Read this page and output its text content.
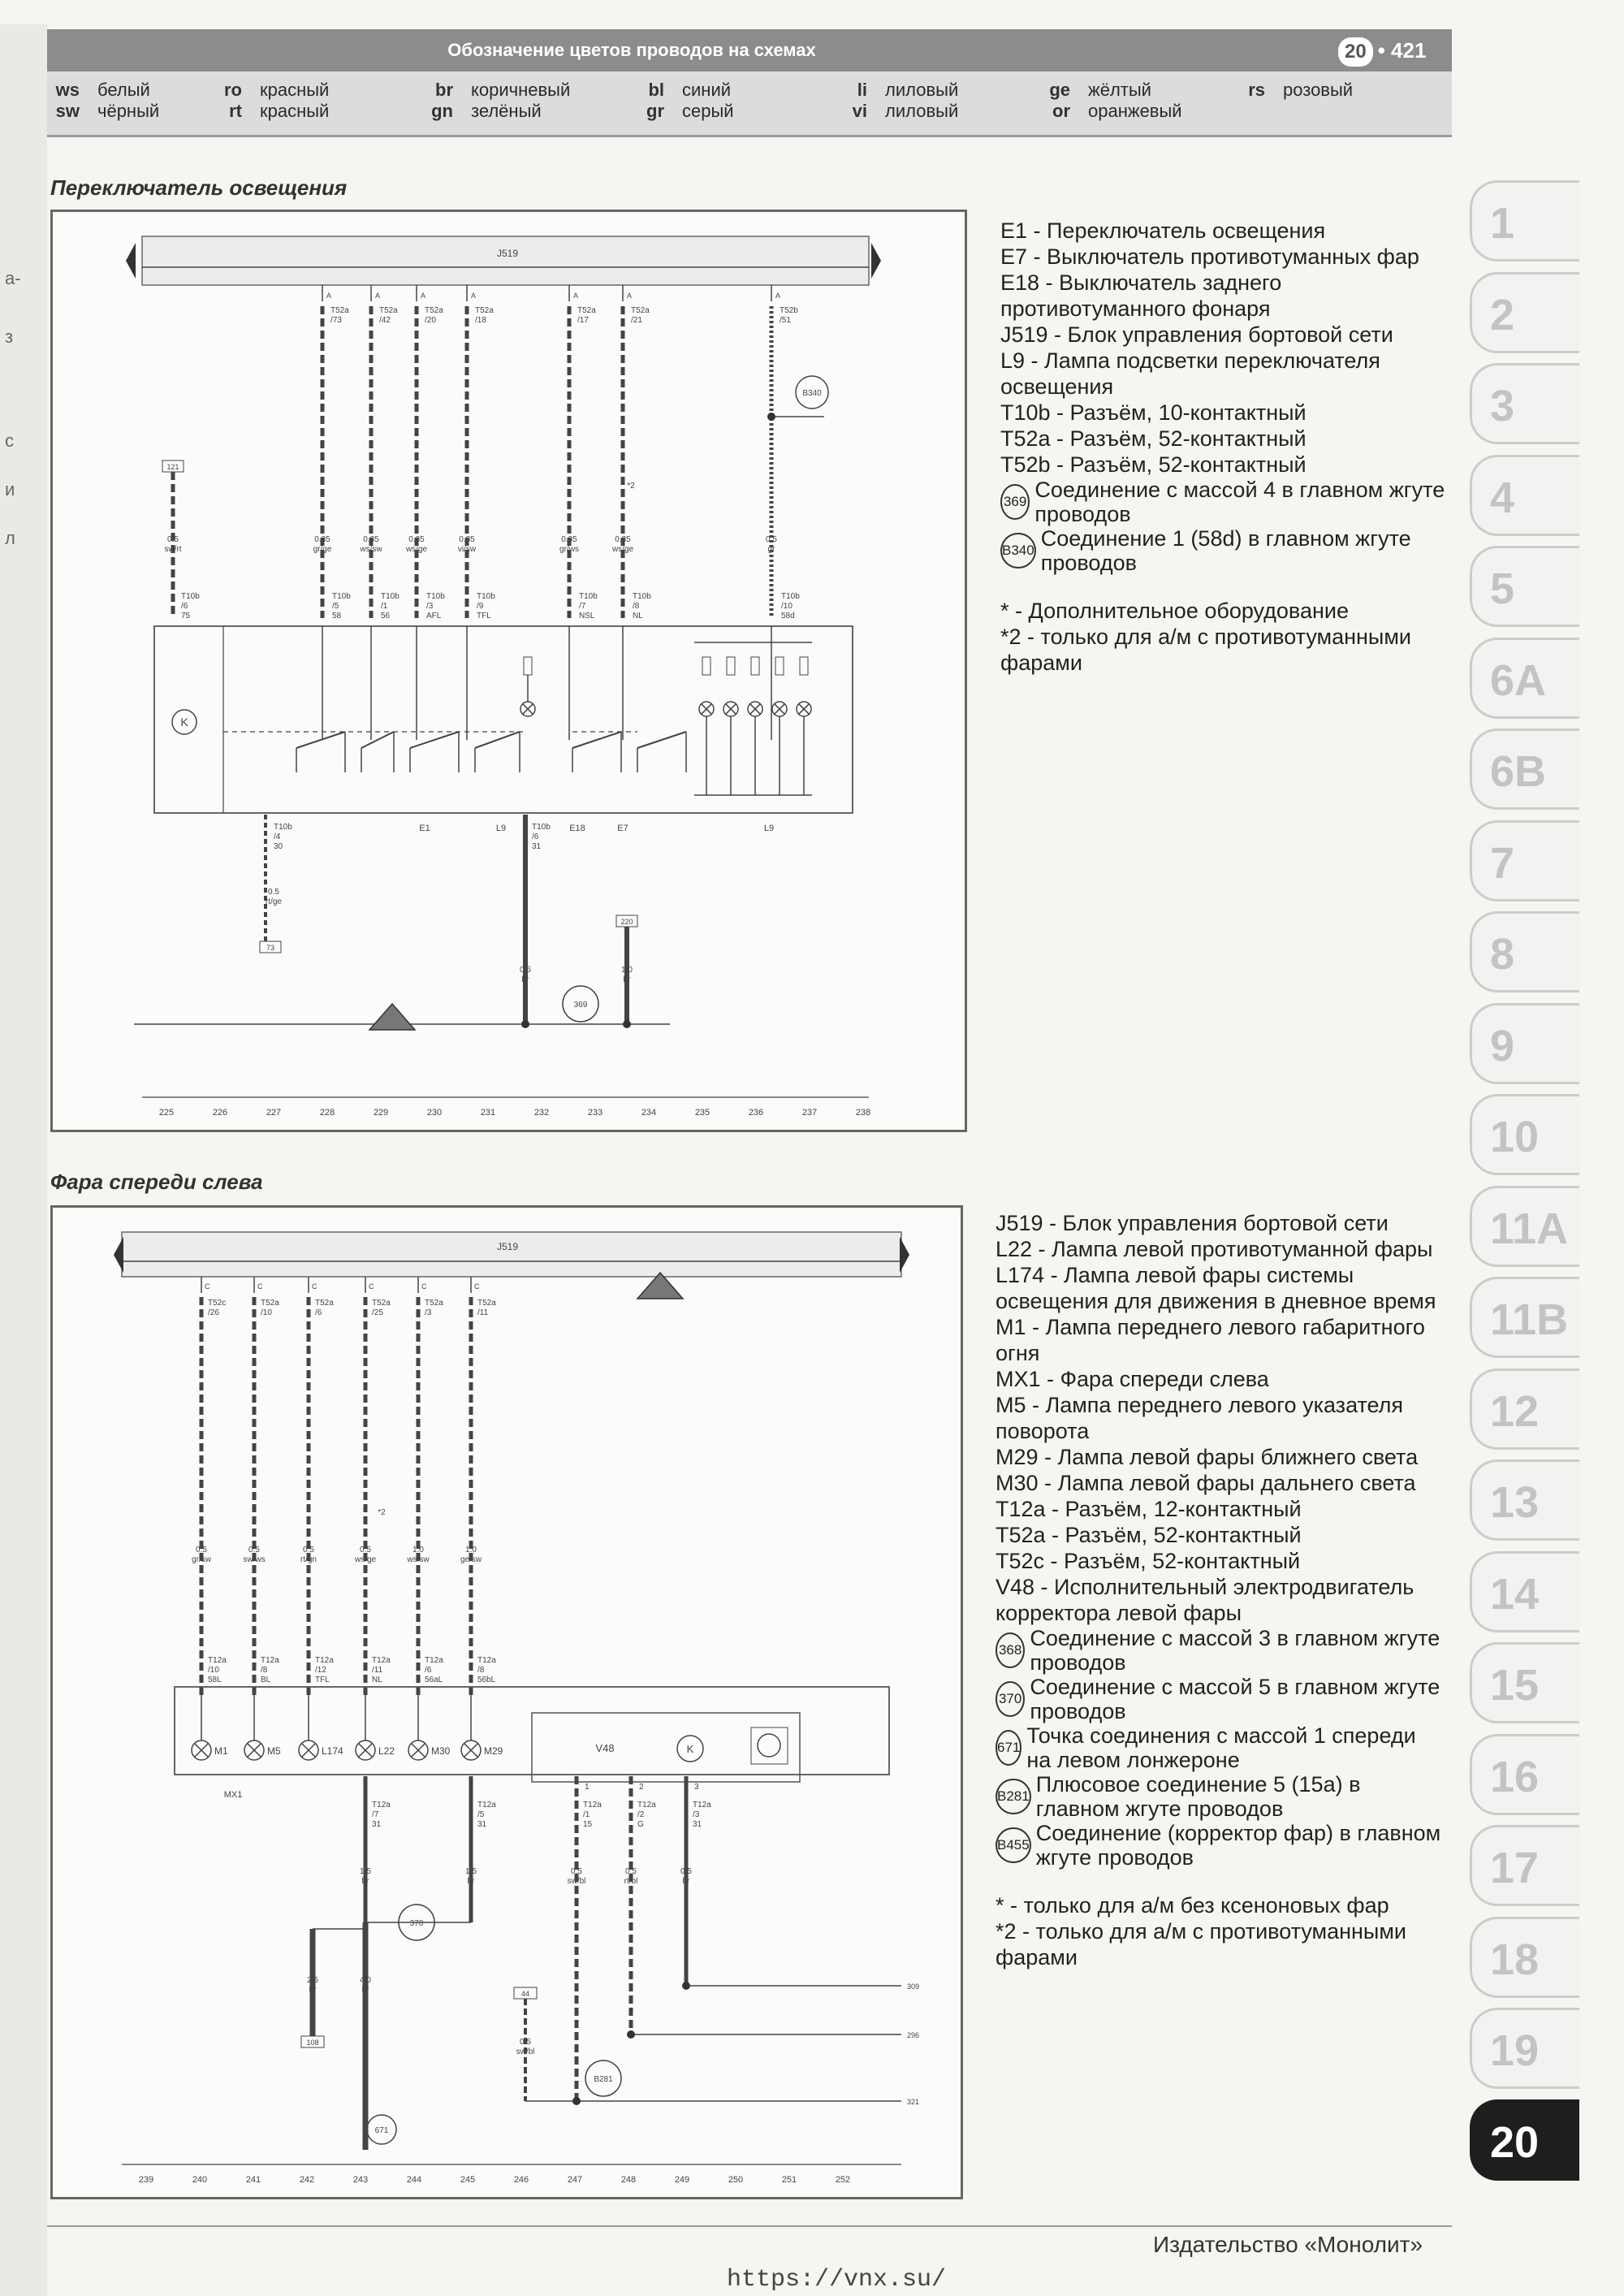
а-
з
с
и
л
Обозначение цветов проводов на схемах	20 • 421
ws белый
sw чёрный
ro красный
rt красный
br коричневый
gn зелёный
bl синий
gr серый
li лиловый
vi лиловый
ge жёлтый
or оранжевый
rs розовый
Переключатель освещения
J519
K
A
T52a
/73
0.35
gr/ge
T10b
/5
58
A
T52a
/42
0.35
ws/sw
T10b
/1
56
A
T52a
/20
0.35
ws/ge
T10b
/3
AFL
A
T52a
/18
0.35
vi/sw
T10b
/9
TFL
A
T52a
/17
0.35
gr/ws
T10b
/7
NSL
A
T52a
/21
0.35
ws/ge
T10b
/8
NL
A
T52b
/51
0.5
gr
T10b
/10
58d
B340
121
0.5
sw/rt
T10b
/6
75
E1	L9	E18	E7	L9
T10b
/4
30
0.5
rt/ge
73
T10b
/6
31
0.5
br
220
1.0
br
369
*2
225	226	227	228	229	230	231	232	233	234	235	236	237	238
E1 - Переключатель освещения
E7 - Выключатель противотуманных фар
E18 - Выключатель заднего противотуманного фонаря
J519 - Блок управления бортовой сети
L9 - Лампа подсветки переключателя освещения
T10b - Разъём, 10-контактный
T52a - Разъём, 52-контактный
T52b - Разъём, 52-контактный
369 Соединение с массой 4 в главном жгуте проводов
B340 Соединение 1 (58d) в главном жгуте проводов
* - Дополнительное оборудование
*2 - только для а/м с противотуманными фарами
Фара спереди слева
J519
C
T52c
/26
0.5
gr/sw
T12a
/10
58L
C
T52a
/10
0.5
sw/ws
T12a
/8
BL
C
T52a
/6
0.5
rt/gn
T12a
/12
TFL
C
T52a
/25
0.5
ws/ge
T12a
/11
NL
C
T52a
/3
1.0
ws/sw
T12a
/6
56aL
C
T52a
/11
1.0
ge/sw
T12a
/8
56bL
*2
M1	M5	L174	L22	M30	M29	V48	K
MX1
1	2	3
T12a
/7
31
1.5
br
T12a
/5
31
1.5
br
T12a
/1
15
0.5
sw/bl
T12a
/2
G
0.5
rt/bl
T12a
/3
31
0.5
br
370
2.5
br
108
4.0
br
671
44
0.5
sw/bl
309
296
321
B281
239	240	241	242	243	244	245	246	247	248	249	250	251	252
J519 - Блок управления бортовой сети
L22 - Лампа левой противотуманной фары
L174 - Лампа левой фары системы освещения для движения в дневное время
M1 - Лампа переднего левого габаритного огня
MX1 - Фара спереди слева
M5 - Лампа переднего левого указателя поворота
M29 - Лампа левой фары ближнего света
M30 - Лампа левой фары дальнего света
T12a - Разъём, 12-контактный
T52a - Разъём, 52-контактный
T52c - Разъём, 52-контактный
V48 - Исполнительный электродвигатель корректора левой фары
368 Соединение с массой 3 в главном жгуте проводов
370 Соединение с массой 5 в главном жгуте проводов
671 Точка соединения с массой 1 спереди на левом лонжероне
B281 Плюсовое соединение 5 (15a) в главном жгуте проводов
B455 Соединение (корректор фар) в главном жгуте проводов
* - только для а/м без ксеноновых фар
*2 - только для а/м с противотуманными фарами
1
2
3
4
5
6A
6B
7
8
9
10
11A
11B
12
13
14
15
16
17
18
19
20
Издательство «Монолит»
https://vnx.su/
